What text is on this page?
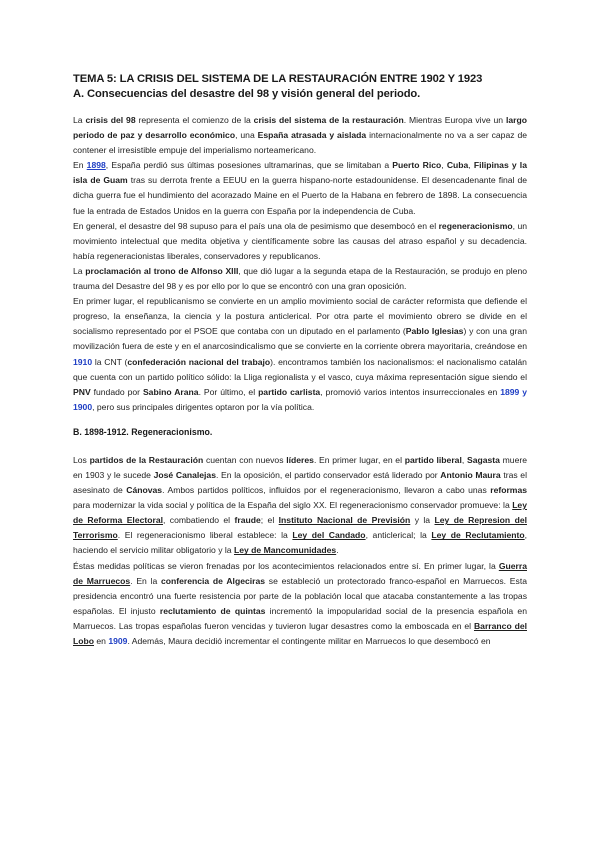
TEMA 5: LA CRISIS DEL SISTEMA DE LA RESTAURACIÓN ENTRE 1902 Y 1923

A. Consecuencias del desastre del 98 y visión general del periodo.

La crisis del 98 representa el comienzo de la crisis del sistema de la restauración. Mientras Europa vive un largo periodo de paz y desarrollo económico, una España atrasada y aislada internacionalmente no va a ser capaz de contener el irresistible empuje del imperialismo norteamericano.

En 1898, España perdió sus últimas posesiones ultramarinas, que se limitaban a Puerto Rico, Cuba, Filipinas y la isla de Guam tras su derrota frente a EEUU en la guerra hispano-norte estadounidense. El desencadenante final de dicha guerra fue el hundimiento del acorazado Maine en el Puerto de la Habana en febrero de 1898. La consecuencia fue la entrada de Estados Unidos en la guerra con España por la independencia de Cuba.

En general, el desastre del 98 supuso para el país una ola de pesimismo que desembocó en el regeneracionismo, un movimiento intelectual que medita objetiva y científicamente sobre las causas del atraso español y su decadencia. había regeneracionistas liberales, conservadores y republicanos.

La proclamación al trono de Alfonso XIII, que dió lugar a la segunda etapa de la Restauración, se produjo en pleno trauma del Desastre del 98 y es por ello por lo que se encontró con una gran oposición.

En primer lugar, el republicanismo se convierte en un amplio movimiento social de carácter reformista que defiende el progreso, la enseñanza, la ciencia y la postura anticlerical. Por otra parte el movimiento obrero se divide en el socialismo representado por el PSOE que contaba con un diputado en el parlamento (Pablo Iglesias) y con una gran movilización fuera de este y en el anarcosindicalismo que se convierte en la corriente obrera mayoritaria, creándose en 1910 la CNT (confederación nacional del trabajo). encontramos también los nacionalismos: el nacionalismo catalán que cuenta con un partido político sólido: la Lliga regionalista y el vasco, cuya máxima representación sigue siendo el PNV fundado por Sabino Arana. Por último, el partido carlista, promovió varios intentos insurreccionales en 1899 y 1900, pero sus principales dirigentes optaron por la vía política.

B. 1898-1912. Regeneracionismo.

Los partidos de la Restauración cuentan con nuevos líderes. En primer lugar, en el partido liberal, Sagasta muere en 1903 y le sucede José Canalejas. En la oposición, el partido conservador está liderado por Antonio Maura tras el asesinato de Cánovas. Ambos partidos políticos, influidos por el regeneracionismo, llevaron a cabo unas reformas para modernizar la vida social y política de la España del siglo XX. El regeneracionismo conservador promueve: la Ley de Reforma Electoral, combatiendo el fraude; el Instituto Nacional de Previsión y la Ley de Represion del Terrorismo. El regeneracionismo liberal establece: la Ley del Candado, anticlerical; la Ley de Reclutamiento, haciendo el servicio militar obligatorio y la Ley de Mancomunidades.

Éstas medidas políticas se vieron frenadas por los acontecimientos relacionados entre sí. En primer lugar, la Guerra de Marruecos. En la conferencia de Algeciras se estableció un protectorado franco-español en Marruecos. Esta presidencia encontró una fuerte resistencia por parte de la población local que atacaba constantemente a las tropas españolas. El injusto reclutamiento de quintas incrementó la impopularidad social de la presencia española en Marruecos. Las tropas españolas fueron vencidas y tuvieron lugar desastres como la emboscada en el Barranco del Lobo en 1909. Además, Maura decidió incrementar el contingente militar en Marruecos lo que desembocó en
